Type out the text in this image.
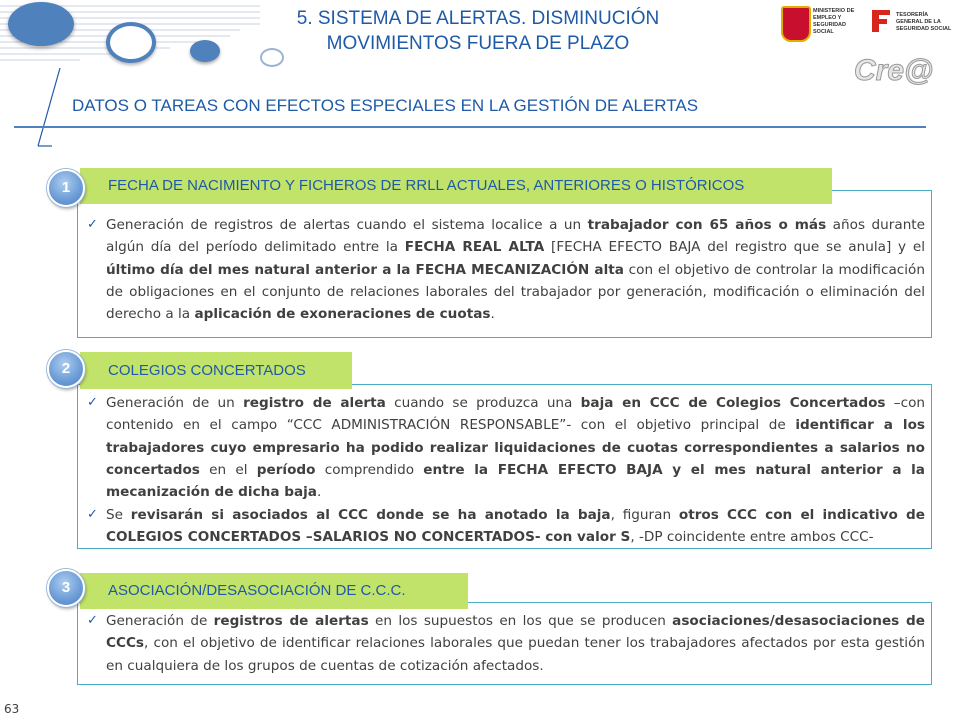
5. SISTEMA DE ALERTAS. DISMINUCIÓN
MOVIMIENTOS FUERA DE PLAZO
MINISTERIO DE EMPLEO Y SEGURIDAD SOCIAL
TESORERÍA GENERAL DE LA SEGURIDAD SOCIAL
Cre@
DATOS O TAREAS CON EFECTOS ESPECIALES EN LA GESTIÓN DE ALERTAS
FECHA DE NACIMIENTO Y FICHEROS DE RRLL ACTUALES, ANTERIORES O HISTÓRICOS
1
✓ Generación de registros de alertas cuando el sistema localice a un trabajador con 65 años o más años durante algún día del período delimitado entre la FECHA REAL ALTA [FECHA EFECTO BAJA del registro que se anula] y el último día del mes natural anterior a la FECHA MECANIZACIÓN alta con el objetivo de controlar la modificación de obligaciones en el conjunto de relaciones laborales del trabajador por generación, modificación o eliminación del derecho a la aplicación de exoneraciones de cuotas.
COLEGIOS CONCERTADOS
2
✓ Generación de un registro de alerta cuando se produzca una baja en CCC de Colegios Concertados –con contenido en el campo “CCC ADMINISTRACIÓN RESPONSABLE”- con el objetivo principal de identificar a los trabajadores cuyo empresario ha podido realizar liquidaciones de cuotas correspondientes a salarios no concertados en el período comprendido entre la FECHA EFECTO BAJA y el mes natural anterior a la mecanización de dicha baja.
✓ Se revisarán si asociados al CCC donde se ha anotado la baja, figuran otros CCC con el indicativo de COLEGIOS CONCERTADOS –SALARIOS NO CONCERTADOS- con valor S, -DP coincidente entre ambos CCC-
ASOCIACIÓN/DESASOCIACIÓN DE C.C.C.
3
✓ Generación de registros de alertas en los supuestos en los que se producen asociaciones/desasociaciones de CCCs, con el objetivo de identificar relaciones laborales que puedan tener los trabajadores afectados por esta gestión en cualquiera de los grupos de cuentas de cotización afectados.
63
